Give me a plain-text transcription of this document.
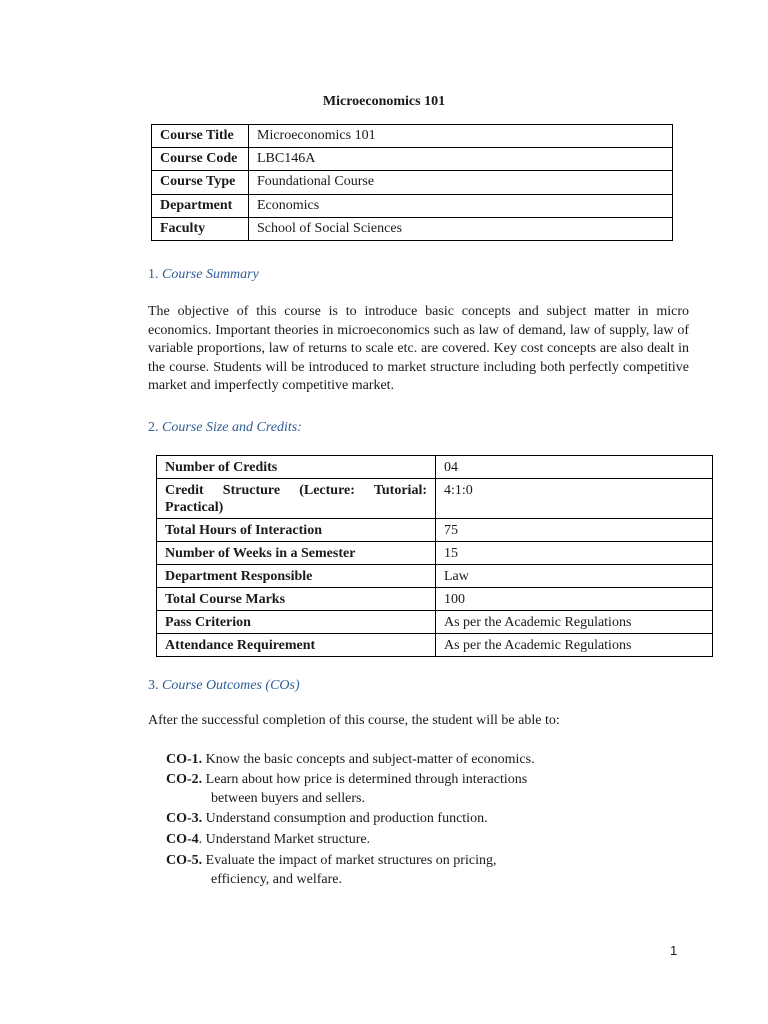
Microeconomics 101
Course Title	Microeconomics 101
Course Code	LBC146A
Course Type	Foundational Course
Department	Economics
Faculty	School of Social Sciences
1. Course Summary
The objective of this course is to introduce basic concepts and subject matter in micro economics. Important theories in microeconomics such as law of demand, law of supply, law of variable proportions, law of returns to scale etc. are covered. Key cost concepts are also dealt in the course. Students will be introduced to market structure including both perfectly competitive market and imperfectly competitive market.
2. Course Size and Credits:
Number of Credits	04

Credit Structure (Lecture: Tutorial:
Practical)	4:1:0
Total Hours of Interaction	75
Number of Weeks in a Semester	15
Department Responsible	Law
Total Course Marks	100
Pass Criterion	As per the Academic Regulations
Attendance Requirement	As per the Academic Regulations
3. Course Outcomes (COs)
After the successful completion of this course, the student will be able to:
CO-1. Know the basic concepts and subject-matter of economics.
CO-2. Learn about how price is determined through interactions
between buyers and sellers.
CO-3. Understand consumption and production function.
CO-4. Understand Market structure.
CO-5. Evaluate the impact of market structures on pricing,
efficiency, and welfare.
1
